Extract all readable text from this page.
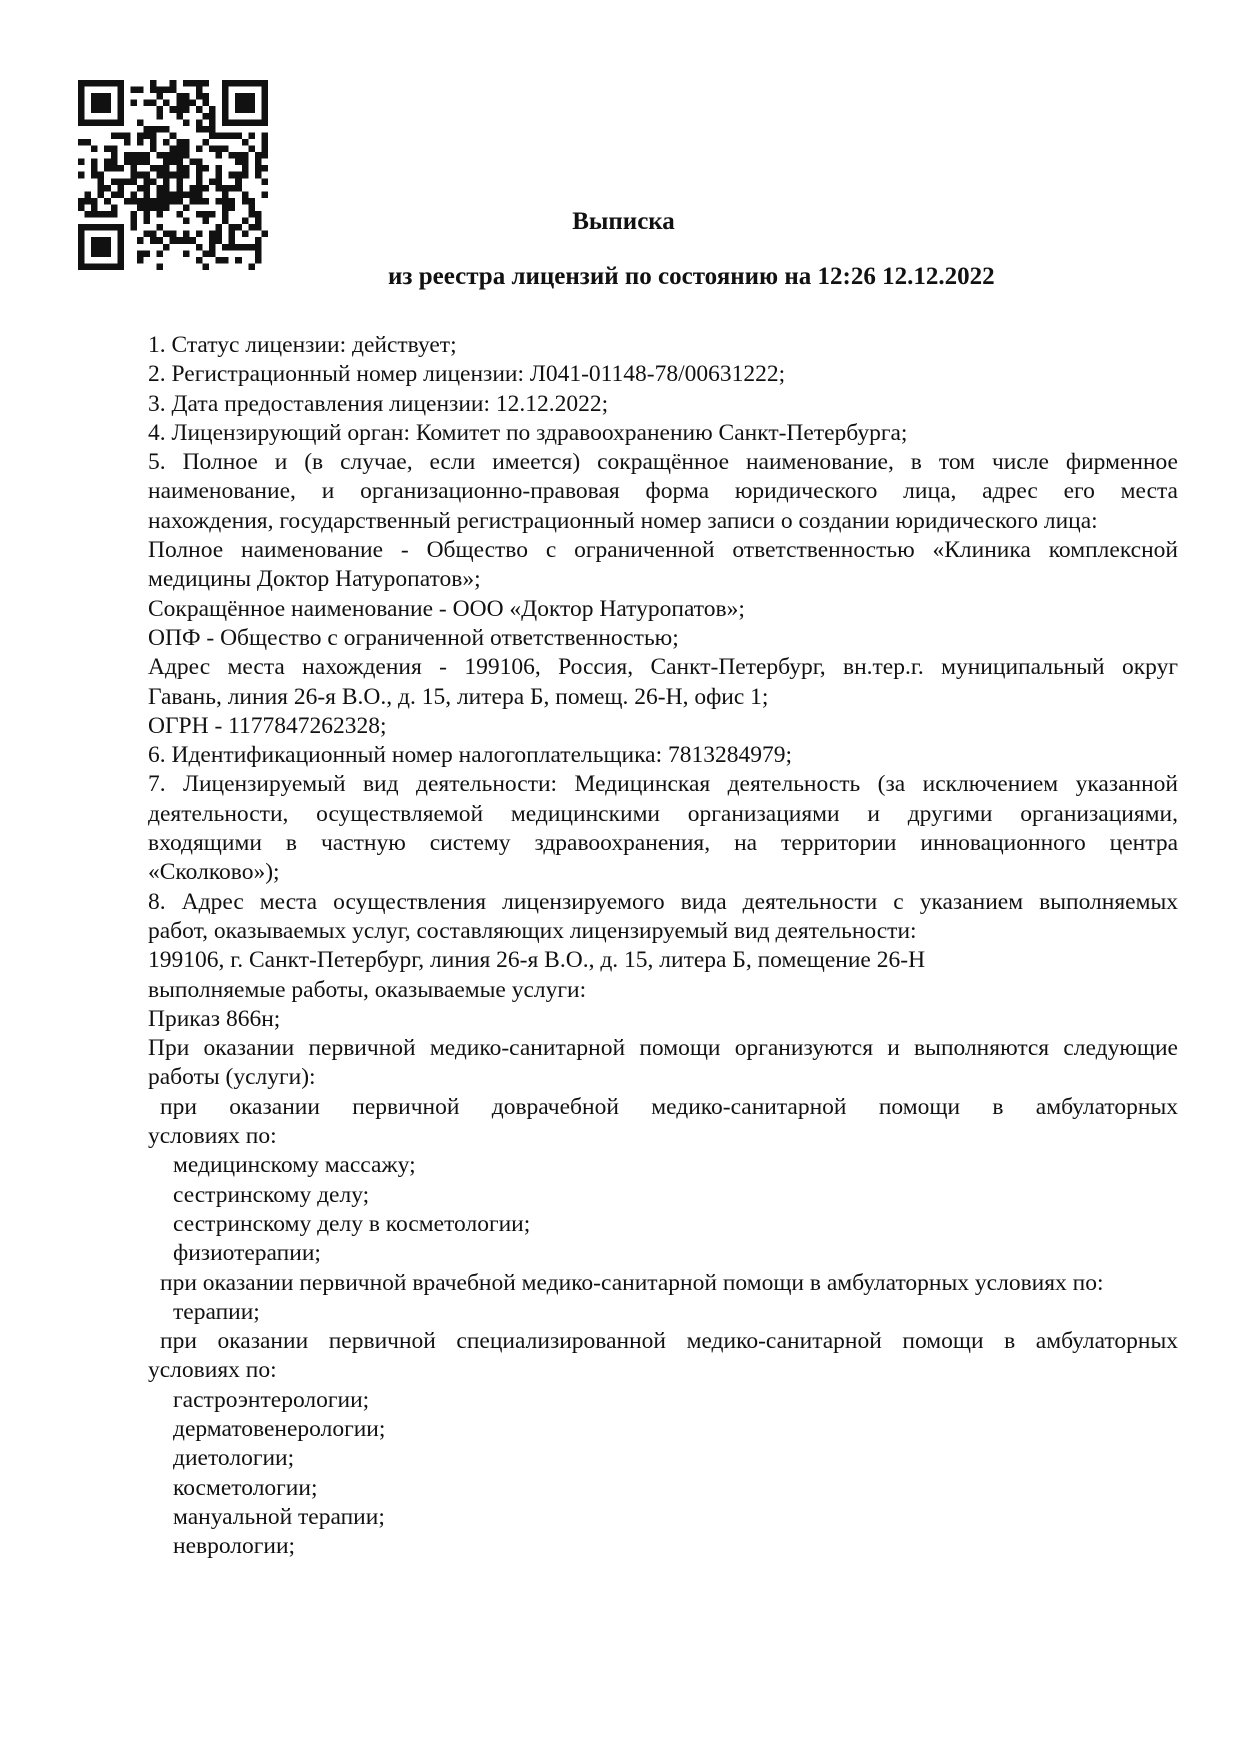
Выписка
из реестра лицензий по состоянию на 12:26 12.12.2022
1. Статус лицензии: действует;
2. Регистрационный номер лицензии: Л041-01148-78/00631222;
3. Дата предоставления лицензии: 12.12.2022;
4. Лицензирующий орган: Комитет по здравоохранению Санкт-Петербурга;
5. Полное и (в случае, если имеется) сокращённое наименование, в том числе фирменное
наименование, и организационно-правовая форма юридического лица, адрес его места
нахождения, государственный регистрационный номер записи о создании юридического лица:
Полное наименование - Общество с ограниченной ответственностью «Клиника комплексной
медицины Доктор Натуропатов»;
Сокращённое наименование - ООО «Доктор Натуропатов»;
ОПФ - Общество с ограниченной ответственностью;
Адрес места нахождения - 199106, Россия, Санкт-Петербург, вн.тер.г. муниципальный округ
Гавань, линия 26-я В.О., д. 15, литера Б, помещ. 26-Н, офис 1;
ОГРН - 1177847262328;
6. Идентификационный номер налогоплательщика: 7813284979;
7. Лицензируемый вид деятельности: Медицинская деятельность (за исключением указанной
деятельности, осуществляемой медицинскими организациями и другими организациями,
входящими в частную систему здравоохранения, на территории инновационного центра
«Сколково»);
8. Адрес места осуществления лицензируемого вида деятельности с указанием выполняемых
работ, оказываемых услуг, составляющих лицензируемый вид деятельности:
199106, г. Санкт-Петербург, линия 26-я В.О., д. 15, литера Б, помещение 26-Н
выполняемые работы, оказываемые услуги:
Приказ 866н;
При оказании первичной медико-санитарной помощи организуются и выполняются следующие
работы (услуги):
при оказании первичной доврачебной медико-санитарной помощи в амбулаторных
условиях по:
медицинскому массажу;
сестринскому делу;
сестринскому делу в косметологии;
физиотерапии;
при оказании первичной врачебной медико-санитарной помощи в амбулаторных условиях по:
терапии;
при оказании первичной специализированной медико-санитарной помощи в амбулаторных
условиях по:
гастроэнтерологии;
дерматовенерологии;
диетологии;
косметологии;
мануальной терапии;
неврологии;
